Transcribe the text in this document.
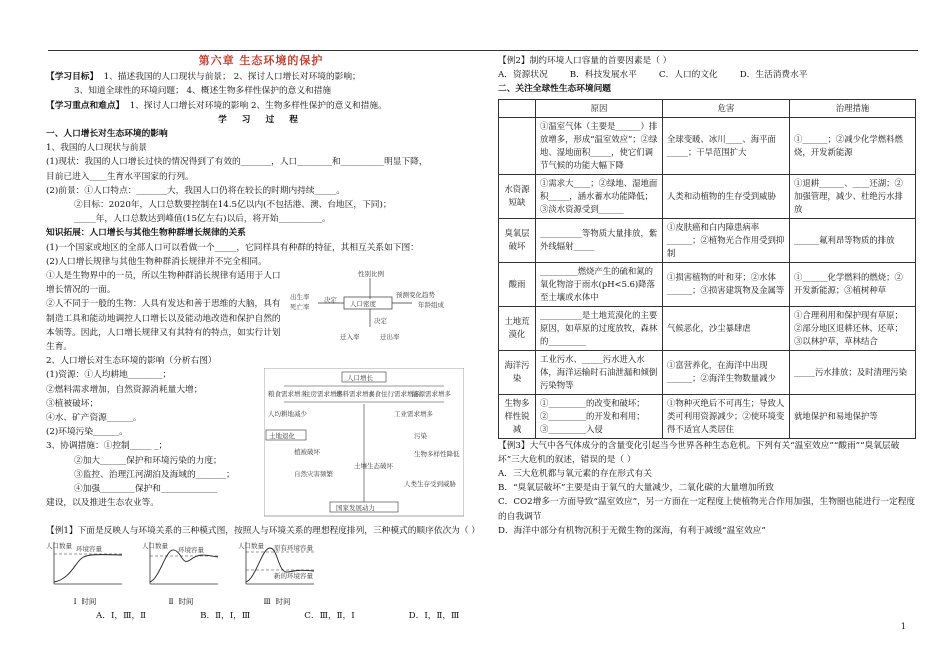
第六章 生态环境的保护

【学习目标】 1、描述我国的人口现状与前景； 2、探讨人口增长对环境的影响；

3、知道全球性的环境问题； 4、概述生物多样性保护的意义和措施

【学习重点和难点】 1、探讨人口增长对环境的影响 2、生物多样性保护的意义和措施。

学 习 过 程

一、人口增长对生态环境的影响

1、我国的人口现状与前景

(1)现状：我国的人口增长过快的情况得到了有效的_______，人口________和__________明显下降，

目前已进入____生育水平国家的行列。

(2)前景：①人口特点：_______大，我国人口仍将在较长的时期内持续_____。

②目标：2020年，人口总数要控制在14.5亿以内(不包括港、澳、台地区，下同)；

_____年，人口总数达到峰值(15亿左右)以后，将开始__________。

知识拓展：人口增长与其他生物种群增长规律的关系

(1)一个国家或地区的全部人口可以看做一个_____，它同样具有种群的特征，其相互关系如下图：

(2)人口增长规律与其他生物种群消长规律并不完全相同。

①人是生物界中的一员，所以生物种群消长规律有适用于人口增长情况的一面。

②人不同于一般的生物：人具有发达和善于思维的大脑，具有制造工具和能动地调控人口增长以及能动地改造和保护自然的本领等。因此，人口增长规律又有其特有的特点，如实行计划生育。

性别比例
出生率
死亡率
决定 人口密度
预测变化趋势
年龄组成
决定
迁入率	迁出率

2、人口增长对生态环境的影响（分析右图）

(1)资源：①人均耕地________；

②燃料需求增加，自然资源消耗量大增；

③植被破坏；

④水、矿产资源______。

(2)环境污染______。

3、协调措施：①控制_____ _；

②加大______保护和环境污染的力度；

③监控、治理江河湖泊及海域的_______；

④加强________保护和_____________

建设，以及推进生态农业等。

人口增长
粮食需求增多
住房需求增多
燃料需求增多
衣食住行需求增多
能源需求增多
人均耕地减少	工业需求增多
土地退化	污染
植被破坏	生物多样性降低
土壤生态破坏
自然灾害频繁
人类生存受到威胁
国家发展动力

【例1】下面是反映人与环境关系的三种模式图，按照人与环境关系的理想程度排列，三种模式的顺序依次为（ ）

环境容量
人口数量
Ⅰ 时间
环境容量
人口数量
Ⅱ 时间
原有环境容量
新的环境容量
人口数量
Ⅲ 时间
A．Ⅰ，Ⅲ，Ⅱ	B．Ⅱ，Ⅰ，Ⅲ	C．Ⅲ，Ⅱ，Ⅰ	D．Ⅰ，Ⅱ，Ⅲ

【例2】制约环境人口容量的首要因素是（ ）

A．资源状况	B．科技发展水平	C．人口的文化	D．生活消费水平

二、关注全球性生态环境问题

	原因	危害	治理措施
	①温室气体（主要是______）排放增多，形成“温室效应”；②绿地、湿地面积_____，使它们调节气候的功能大幅下降	全球变暖、冰川____、海平面_____；干旱范围扩大	①______；②减少化学燃料燃烧，开发新能源
水资源短缺	①需求大____；②绿地、湿地面积_____，涵水蓄水功能降低；③淡水资源受到______	人类和动植物的生存受到威胁	①退耕______、____还湖；②加强管理，减少、杜绝污水排放
臭氧层破坏	__________等物质大量排放，紫外线辐射_____	①皮肤癌和白内障患病率______；②植物光合作用受到抑制	______氟利昂等物质的排放
酸雨	_________燃烧产生的硫和氮的氧化物溶于雨水(pH<5.6)降落至土壤或水体中	①损害植物的叶和芽；②水体______；③损害建筑物及金属等	①______化学燃料的燃烧；②开发新能源；③植树种草
土地荒漠化	__________是土地荒漠化的主要原因，如草原的过度放牧，森林的_________	气候恶化，沙尘暴肆虐	①合理利用和保护现有草原；②部分地区退耕还林、还草；③以林护草，草林结合
海洋污染	工业污水、_____污水进入水体，海洋运输时石油泄漏和倾倒污染物等	①富营养化，在海洋中出现______；②海洋生物数量减少	_____污水排放；及时清理污染
生物多样性锐减	①_________的改变和破坏；②_________的开发和利用；③_________入侵	①物种灭绝后不可再生；导致人类可利用资源减少；②使环境变得不适宜人类居住	就地保护和易地保护等

【例3】大气中各气体成分的含量变化引起当今世界各种生态危机。下列有关“温室效应”“酸雨”“臭氧层破坏”三大危机的叙述，错误的是（ ）

A．三大危机都与氧元素的存在形式有关

B．“臭氧层破坏”主要是由于氧气的大量减少，二氧化碳的大量增加所致

C．CO2增多一方面导致“温室效应”，另一方面在一定程度上使植物光合作用加强，生物圈也能进行一定程度的自我调节

D．海洋中部分有机物沉积于无微生物的深海，有利于减缓“温室效应”

1
